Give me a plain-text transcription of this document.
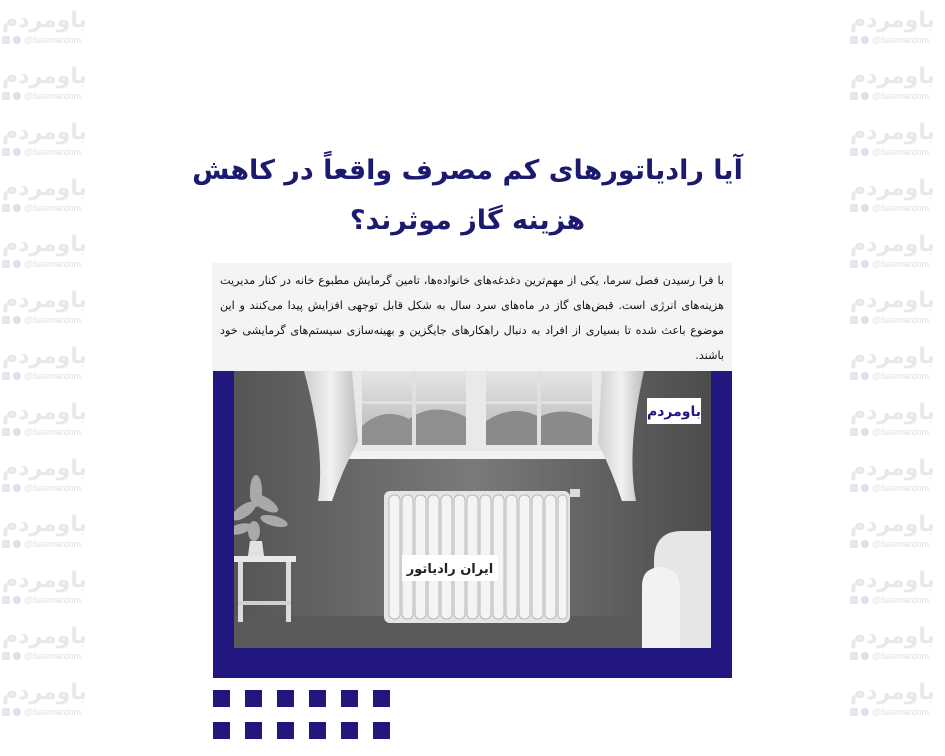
باومردم
@baamardom
باومردم
@baamardom
باومردم
@baamardom
باومردم
@baamardom
باومردم
@baamardom
باومردم
@baamardom
باومردم
@baamardom
باومردم
@baamardom
باومردم
@baamardom
باومردم
@baamardom
باومردم
@baamardom
باومردم
@baamardom
باومردم
@baamardom
باومردم
@baamardom
باومردم
@baamardom
باومردم
@baamardom
باومردم
@baamardom
باومردم
@baamardom
باومردم
@baamardom
باومردم
@baamardom
باومردم
@baamardom
باومردم
@baamardom
باومردم
@baamardom
باومردم
@baamardom
باومردم
@baamardom
باومردم
@baamardom
آیا رادیاتورهای کم مصرف واقعاً در کاهش
هزینه گاز موثرند؟
با فرا رسیدن فصل سرما، یکی از مهم‌ترین دغدغه‌های خانواده‌ها، تامین گرمایش مطبوع خانه در کنار مدیریت هزینه‌های انرژی است. قبض‌های گاز در ماه‌های سرد سال به شکل قابل توجهی افزایش پیدا می‌کنند و این موضوع باعث شده تا بسیاری از افراد به دنبال راهکارهای جایگزین و بهینه‌سازی سیستم‌های گرمایشی خود باشند.
ایران رادیاتور
باومردم
